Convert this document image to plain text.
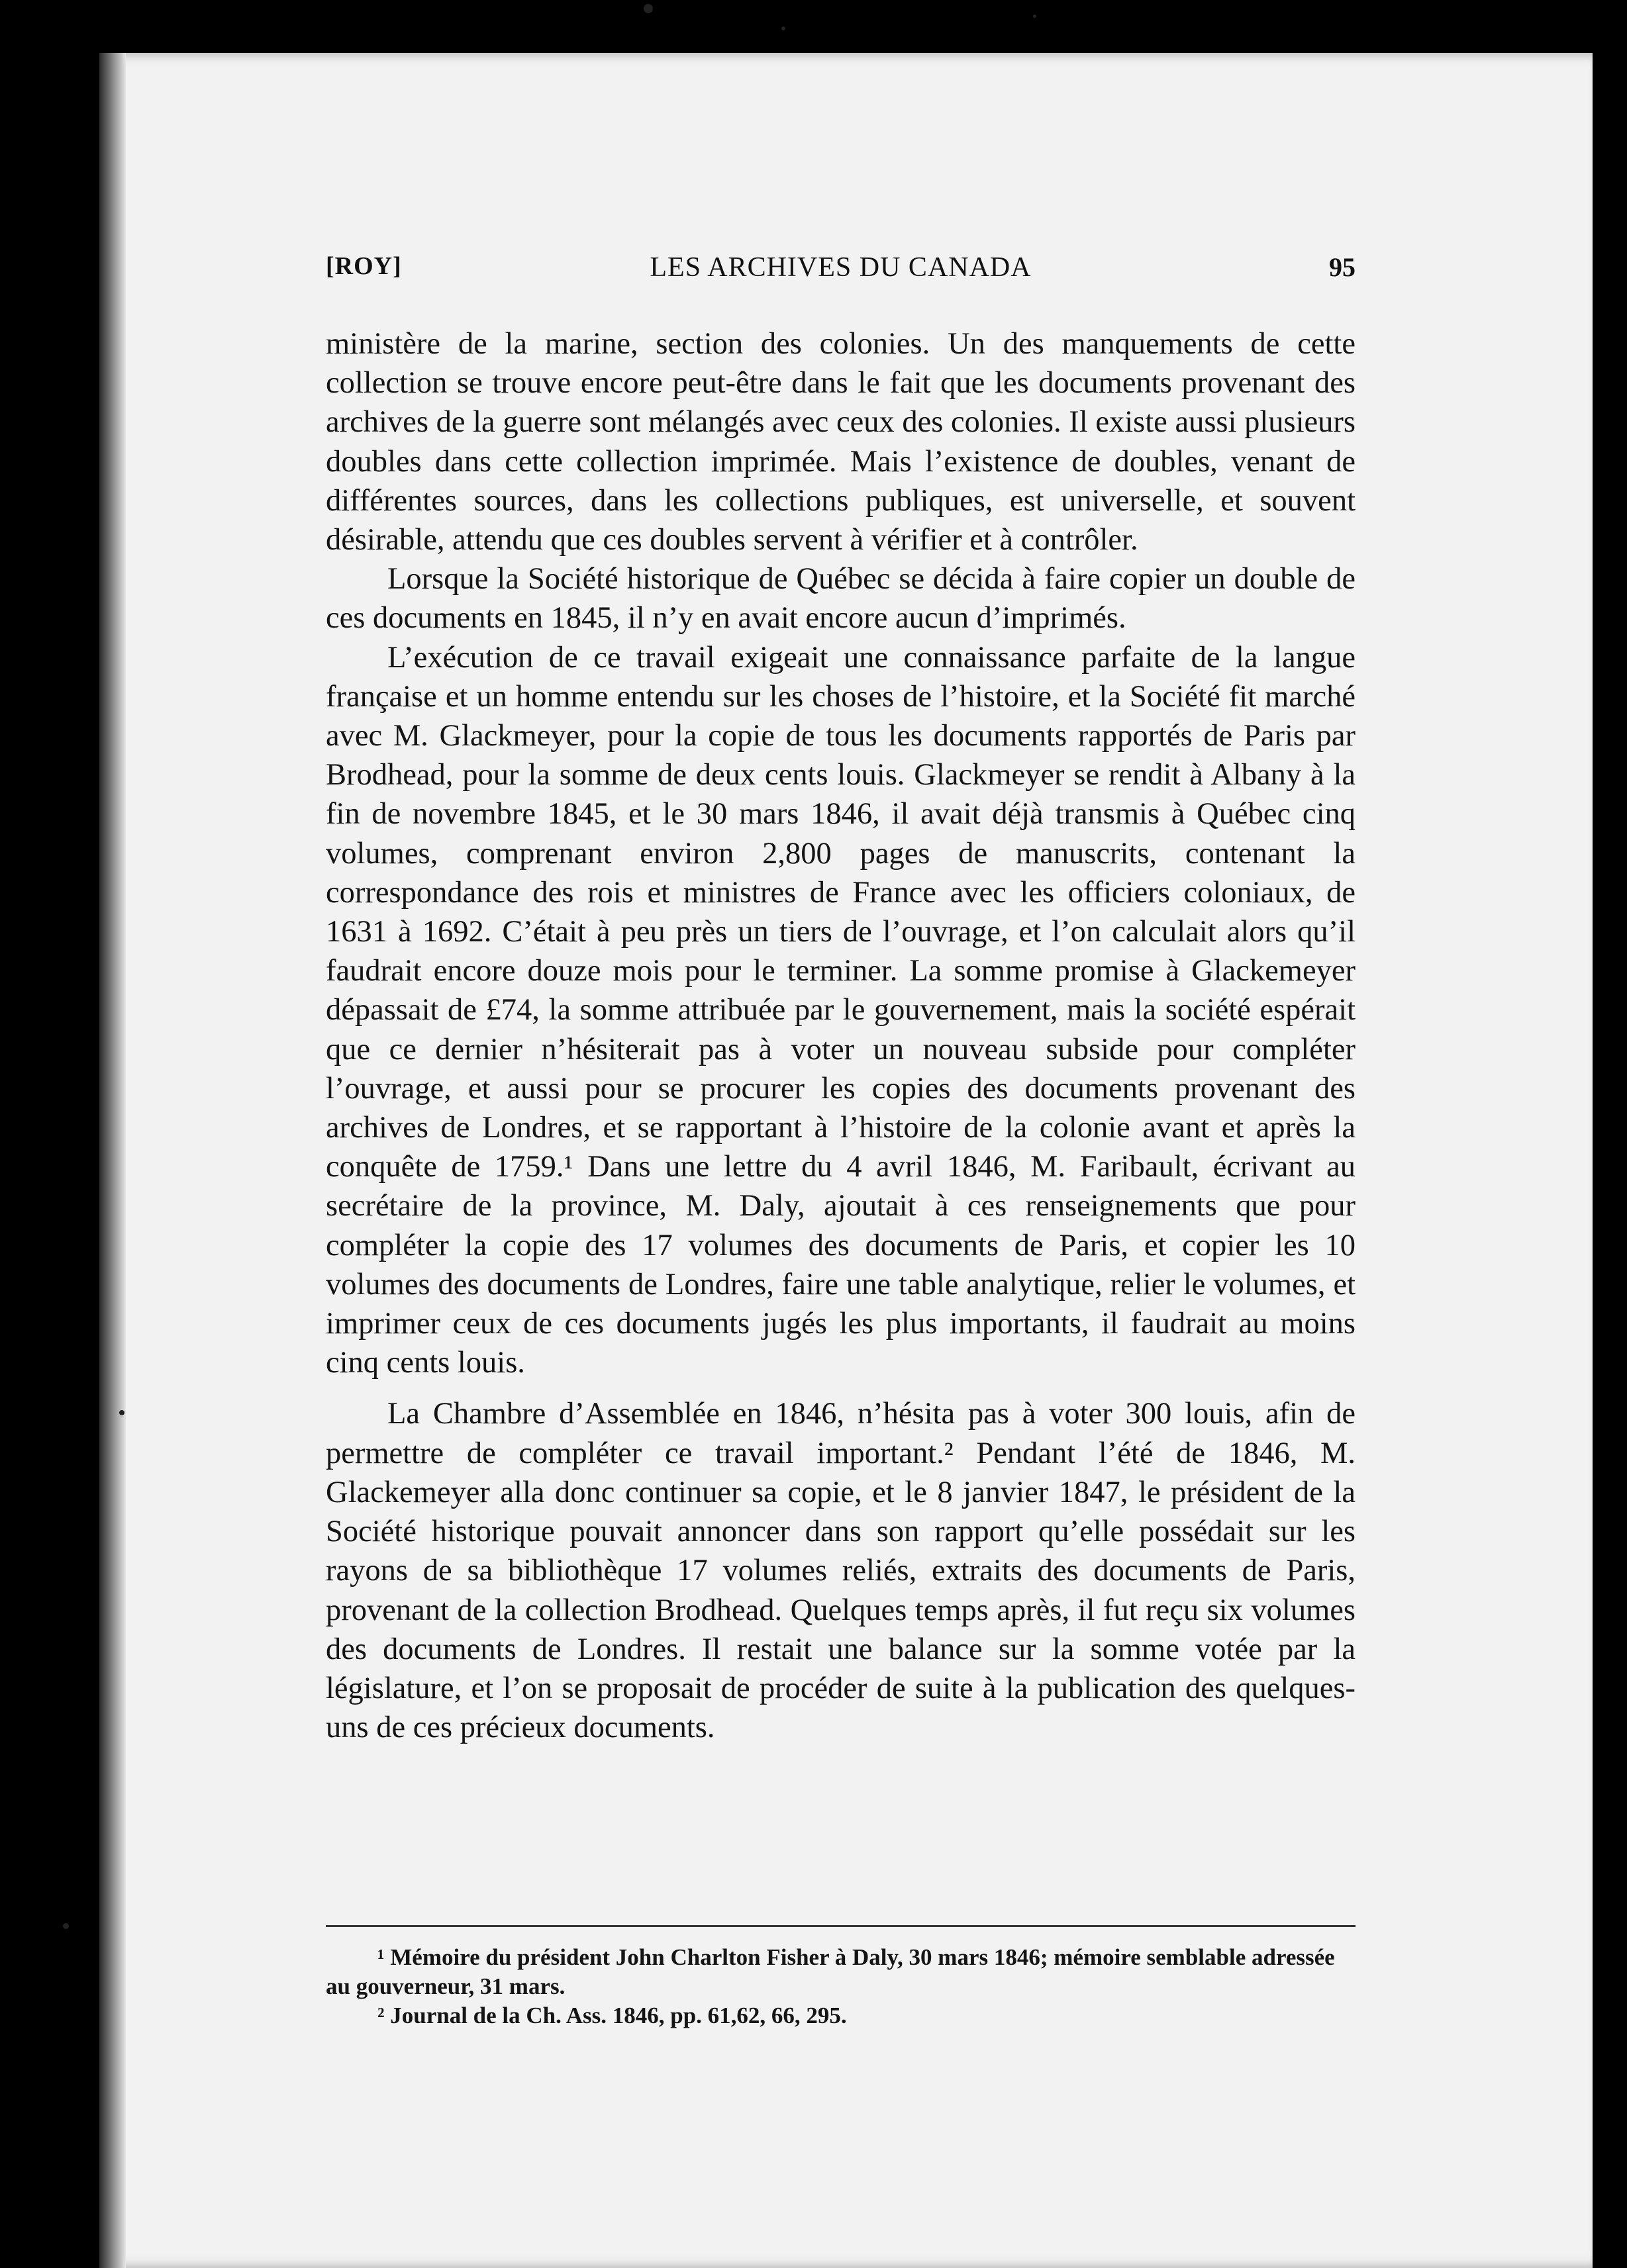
[ROY]	LES ARCHIVES DU CANADA	95

ministère de la marine, section des colonies. Un des manquements de cette collection se trouve encore peut-être dans le fait que les documents provenant des archives de la guerre sont mélangés avec ceux des colonies. Il existe aussi plusieurs doubles dans cette collection imprimée. Mais l’existence de doubles, venant de différentes sources, dans les collections publiques, est universelle, et souvent désirable, attendu que ces doubles servent à vérifier et à contrôler.

Lorsque la Société historique de Québec se décida à faire copier un double de ces documents en 1845, il n’y en avait encore aucun d’imprimés.

L’exécution de ce travail exigeait une connaissance parfaite de la langue française et un homme entendu sur les choses de l’histoire, et la Société fit marché avec M. Glackmeyer, pour la copie de tous les documents rapportés de Paris par Brodhead, pour la somme de deux cents louis. Glackmeyer se rendit à Albany à la fin de novembre 1845, et le 30 mars 1846, il avait déjà transmis à Québec cinq volumes, comprenant environ 2,800 pages de manuscrits, contenant la correspondance des rois et ministres de France avec les officiers coloniaux, de 1631 à 1692. C’était à peu près un tiers de l’ouvrage, et l’on calculait alors qu’il faudrait encore douze mois pour le terminer. La somme promise à Glackemeyer dépassait de £74, la somme attribuée par le gouvernement, mais la société espérait que ce dernier n’hésiterait pas à voter un nouveau subside pour compléter l’ouvrage, et aussi pour se procurer les copies des documents provenant des archives de Londres, et se rapportant à l’histoire de la colonie avant et après la conquête de 1759.¹ Dans une lettre du 4 avril 1846, M. Faribault, écrivant au secrétaire de la province, M. Daly, ajoutait à ces renseignements que pour compléter la copie des 17 volumes des documents de Paris, et copier les 10 volumes des documents de Londres, faire une table analytique, relier le volumes, et imprimer ceux de ces documents jugés les plus importants, il faudrait au moins cinq cents louis.

La Chambre d’Assemblée en 1846, n’hésita pas à voter 300 louis, afin de permettre de compléter ce travail important.² Pendant l’été de 1846, M. Glackemeyer alla donc continuer sa copie, et le 8 janvier 1847, le président de la Société historique pouvait annoncer dans son rapport qu’elle possédait sur les rayons de sa bibliothèque 17 volumes reliés, extraits des documents de Paris, provenant de la collection Brodhead. Quelques temps après, il fut reçu six volumes des documents de Londres. Il restait une balance sur la somme votée par la législature, et l’on se proposait de procéder de suite à la publication des quelques-uns de ces précieux documents.

¹ Mémoire du président John Charlton Fisher à Daly, 30 mars 1846; mémoire semblable adressée au gouverneur, 31 mars.

² Journal de la Ch. Ass. 1846, pp. 61,62, 66, 295.
